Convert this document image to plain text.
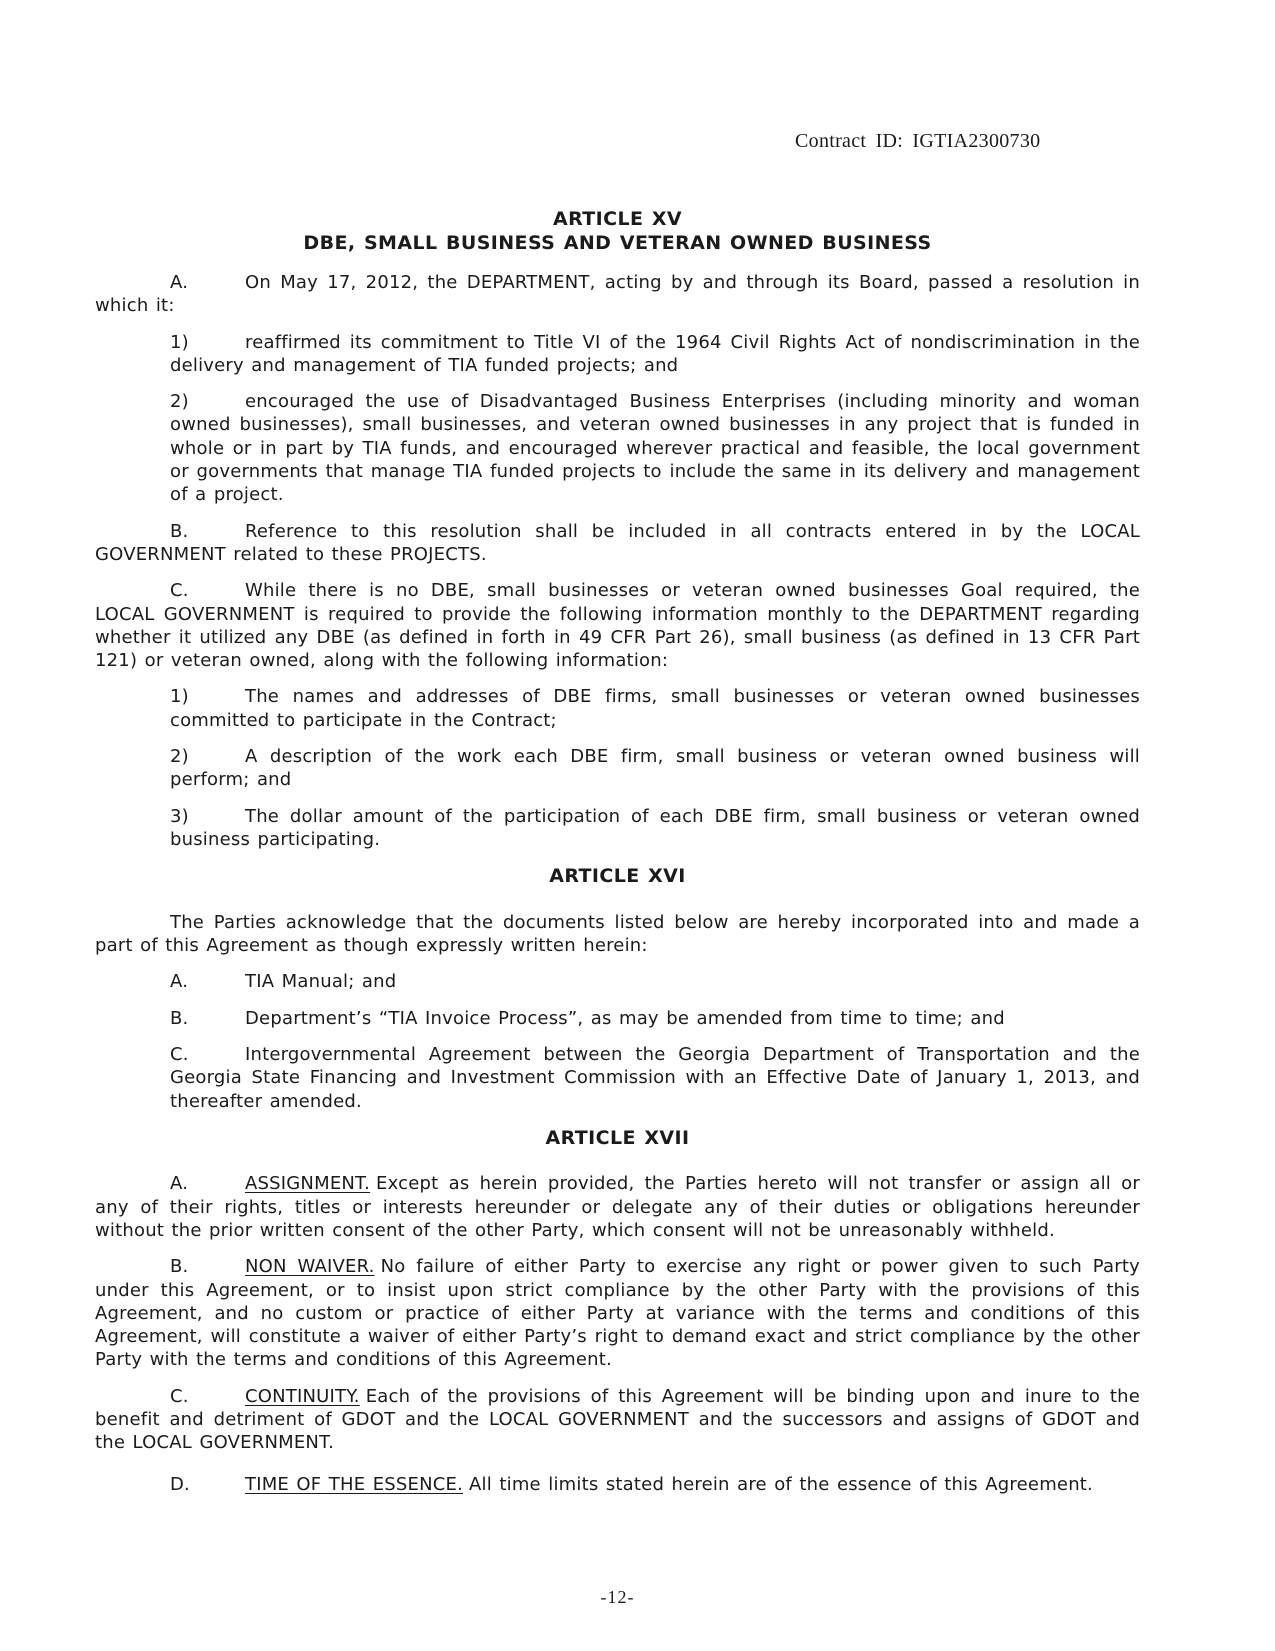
Contract ID: IGTIA2300730
ARTICLE XV
DBE, SMALL BUSINESS AND VETERAN OWNED BUSINESS

A.	On May 17, 2012, the DEPARTMENT, acting by and through its Board, passed a resolution in which it:

1)	reaffirmed its commitment to Title VI of the 1964 Civil Rights Act of nondiscrimination in the delivery and management of TIA funded projects; and

2)	encouraged the use of Disadvantaged Business Enterprises (including minority and woman owned businesses), small businesses, and veteran owned businesses in any project that is funded in whole or in part by TIA funds, and encouraged wherever practical and feasible, the local government or governments that manage TIA funded projects to include the same in its delivery and management of a project.

B.	Reference to this resolution shall be included in all contracts entered in by the LOCAL GOVERNMENT related to these PROJECTS.

C.	While there is no DBE, small businesses or veteran owned businesses Goal required, the LOCAL GOVERNMENT is required to provide the following information monthly to the DEPARTMENT regarding whether it utilized any DBE (as defined in forth in 49 CFR Part 26), small business (as defined in 13 CFR Part 121) or veteran owned, along with the following information:

1)	The names and addresses of DBE firms, small businesses or veteran owned businesses committed to participate in the Contract;

2)	A description of the work each DBE firm, small business or veteran owned business will perform; and

3)	The dollar amount of the participation of each DBE firm, small business or veteran owned business participating.

ARTICLE XVI

The Parties acknowledge that the documents listed below are hereby incorporated into and made a part of this Agreement as though expressly written herein:

A.	TIA Manual; and

B.	Department’s “TIA Invoice Process”, as may be amended from time to time; and

C.	Intergovernmental Agreement between the Georgia Department of Transportation and the Georgia State Financing and Investment Commission with an Effective Date of January 1, 2013, and thereafter amended.

ARTICLE XVII

A.	ASSIGNMENT. Except as herein provided, the Parties hereto will not transfer or assign all or any of their rights, titles or interests hereunder or delegate any of their duties or obligations hereunder without the prior written consent of the other Party, which consent will not be unreasonably withheld.

B.	NON WAIVER. No failure of either Party to exercise any right or power given to such Party under this Agreement, or to insist upon strict compliance by the other Party with the provisions of this Agreement, and no custom or practice of either Party at variance with the terms and conditions of this Agreement, will constitute a waiver of either Party’s right to demand exact and strict compliance by the other Party with the terms and conditions of this Agreement.

C.	CONTINUITY. Each of the provisions of this Agreement will be binding upon and inure to the benefit and detriment of GDOT and the LOCAL GOVERNMENT and the successors and assigns of GDOT and the LOCAL GOVERNMENT.

D.	TIME OF THE ESSENCE. All time limits stated herein are of the essence of this Agreement.

-12-
